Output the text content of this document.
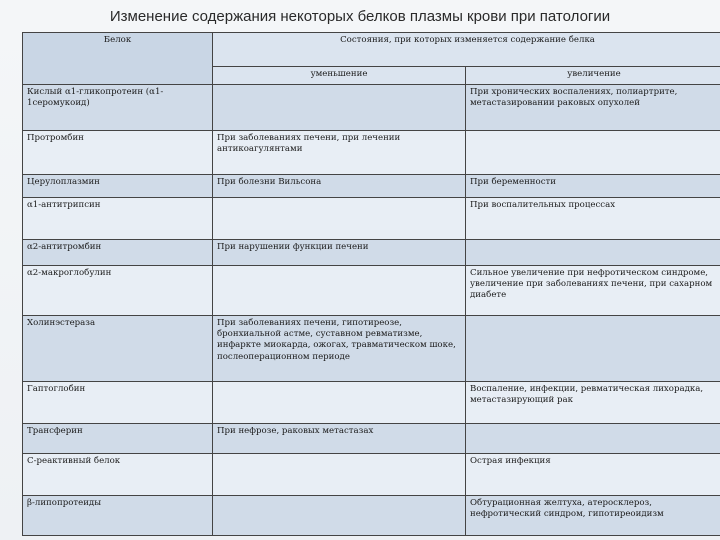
Изменение содержания некоторых белков плазмы крови при патологии
Белок	Состояния, при которых изменяется содержание белка	
	уменьшение	увеличение
Кислый α1-гликопротеин (α1-1серомукоид)		При хронических воспалениях, полиартрите, метастазировании раковых опухолей
Протромбин	При заболеваниях печени, при лечении антикоагулянтами	
Церулоплазмин	При болезни Вильсона	При беременности
α1-антитрипсин		При воспалительных процессах
α2-антитромбин	При нарушении функции печени	
α2-макроглобулин		Сильное увеличение при нефротическом синдроме, увеличение при заболеваниях печени, при сахарном диабете
Холинэстераза	При заболеваниях печени, гипотиреозе, бронхиальной астме, суставном ревматизме, инфаркте миокарда, ожогах, травматическом шоке, послеоперационном периоде	
Гаптоглобин		Воспаление, инфекции, ревматическая лихорадка, метастазирующий рак
Трансферин	При нефрозе, раковых метастазах	
С-реактивный белок		Острая инфекция
β-липопротеиды		Обтурационная желтуха, атеросклероз, нефротический синдром, гипотиреоидизм
